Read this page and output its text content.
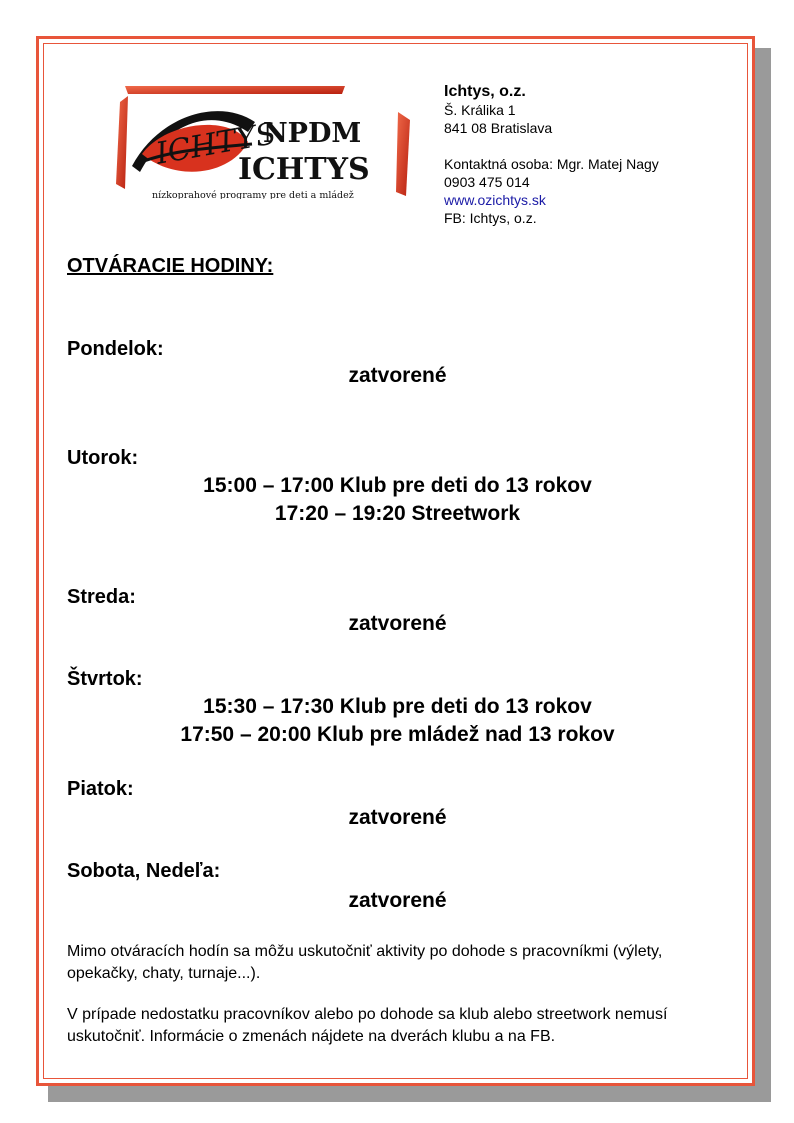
ICHTYS
NPDM
ICHTYS
nízkoprahové programy pre deti a mládež
Ichtys, o.z.
Š. Králika 1
841 08 Bratislava
Kontaktná osoba: Mgr. Matej Nagy
0903 475 014
www.ozichtys.sk
FB: Ichtys, o.z.
OTVÁRACIE HODINY:
Pondelok:
zatvorené
Utorok:
15:00 – 17:00 Klub pre deti do 13 rokov
17:20 – 19:20 Streetwork
Streda:
zatvorené
Štvrtok:
15:30 – 17:30 Klub pre deti do 13 rokov
17:50 – 20:00 Klub pre mládež nad 13 rokov
Piatok:
zatvorené
Sobota, Nedeľa:
zatvorené
Mimo otváracích hodín sa môžu uskutočniť aktivity po dohode s pracovníkmi (výlety, opekačky, chaty, turnaje...).
V prípade nedostatku pracovníkov alebo po dohode sa klub alebo streetwork nemusí uskutočniť. Informácie o zmenách nájdete na dverách klubu a na FB.
